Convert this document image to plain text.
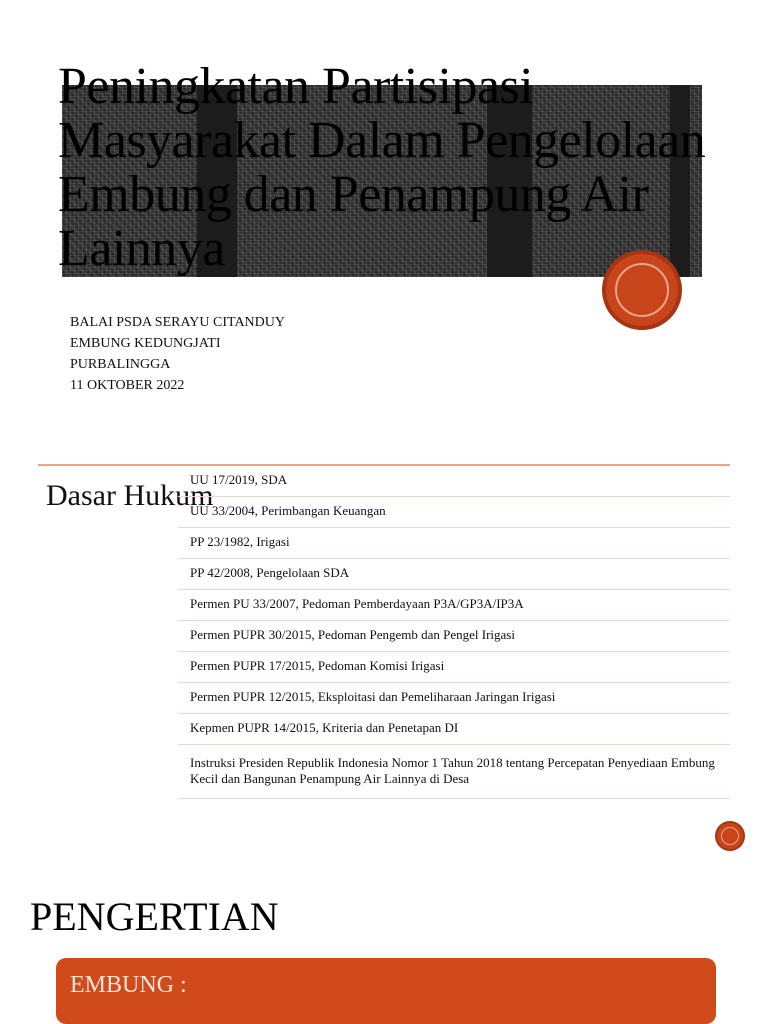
Peningkatan Partisipasi Masyarakat Dalam Pengelolaan Embung dan Penampung Air Lainnya
BALAI PSDA SERAYU CITANDUY
EMBUNG KEDUNGJATI
PURBALINGGA
11 OKTOBER 2022
Dasar Hukum
UU 17/2019, SDA
UU 33/2004, Perimbangan Keuangan
PP 23/1982, Irigasi
PP 42/2008, Pengelolaan SDA
Permen PU 33/2007, Pedoman Pemberdayaan P3A/GP3A/IP3A
Permen PUPR 30/2015, Pedoman Pengemb dan Pengel Irigasi
Permen PUPR 17/2015, Pedoman Komisi Irigasi
Permen PUPR 12/2015, Eksploitasi dan Pemeliharaan Jaringan Irigasi
Kepmen PUPR 14/2015, Kriteria dan Penetapan DI
Instruksi Presiden Republik Indonesia Nomor 1 Tahun 2018 tentang Percepatan Penyediaan Embung Kecil dan Bangunan Penampung Air Lainnya di Desa
PENGERTIAN
EMBUNG :
